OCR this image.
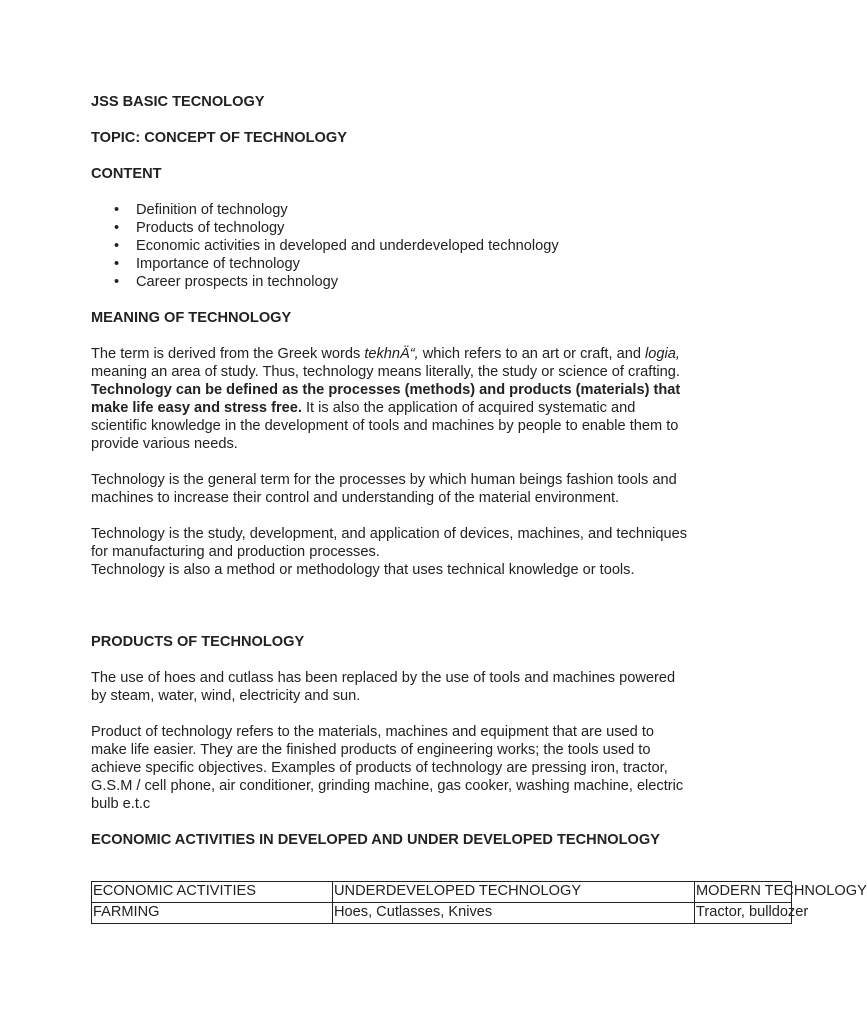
JSS BASIC TECNOLOGY
TOPIC: CONCEPT OF TECHNOLOGY
CONTENT
• Definition of technology
• Products of technology
• Economic activities in developed and underdeveloped technology
• Importance of technology
• Career prospects in technology
MEANING OF TECHNOLOGY

The term is derived from the Greek words tekhnÄ“, which refers to an art or craft, and logia, meaning an area of study. Thus, technology means literally, the study or science of crafting. Technology can be defined as the processes (methods) and products (materials) that make life easy and stress free. It is also the application of acquired systematic and scientific knowledge in the development of tools and machines by people to enable them to provide various needs.

Technology is the general term for the processes by which human beings fashion tools and machines to increase their control and understanding of the material environment.

Technology is the study, development, and application of devices, machines, and techniques for manufacturing and production processes.

Technology is also a method or methodology that uses technical knowledge or tools.

PRODUCTS OF TECHNOLOGY

The use of hoes and cutlass has been replaced by the use of tools and machines powered by steam, water, wind, electricity and sun.

Product of technology refers to the materials, machines and equipment that are used to make life easier. They are the finished products of engineering works; the tools used to achieve specific objectives. Examples of products of technology are pressing iron, tractor, G.S.M / cell phone, air conditioner, grinding machine, gas cooker, washing machine, electric bulb e.t.c

ECONOMIC ACTIVITIES IN DEVELOPED AND UNDER DEVELOPED TECHNOLOGY
ECONOMIC ACTIVITIES	UNDERDEVELOPED TECHNOLOGY	MODERN TECHNOLOGY
FARMING	Hoes, Cutlasses, Knives	Tractor, bulldozer
